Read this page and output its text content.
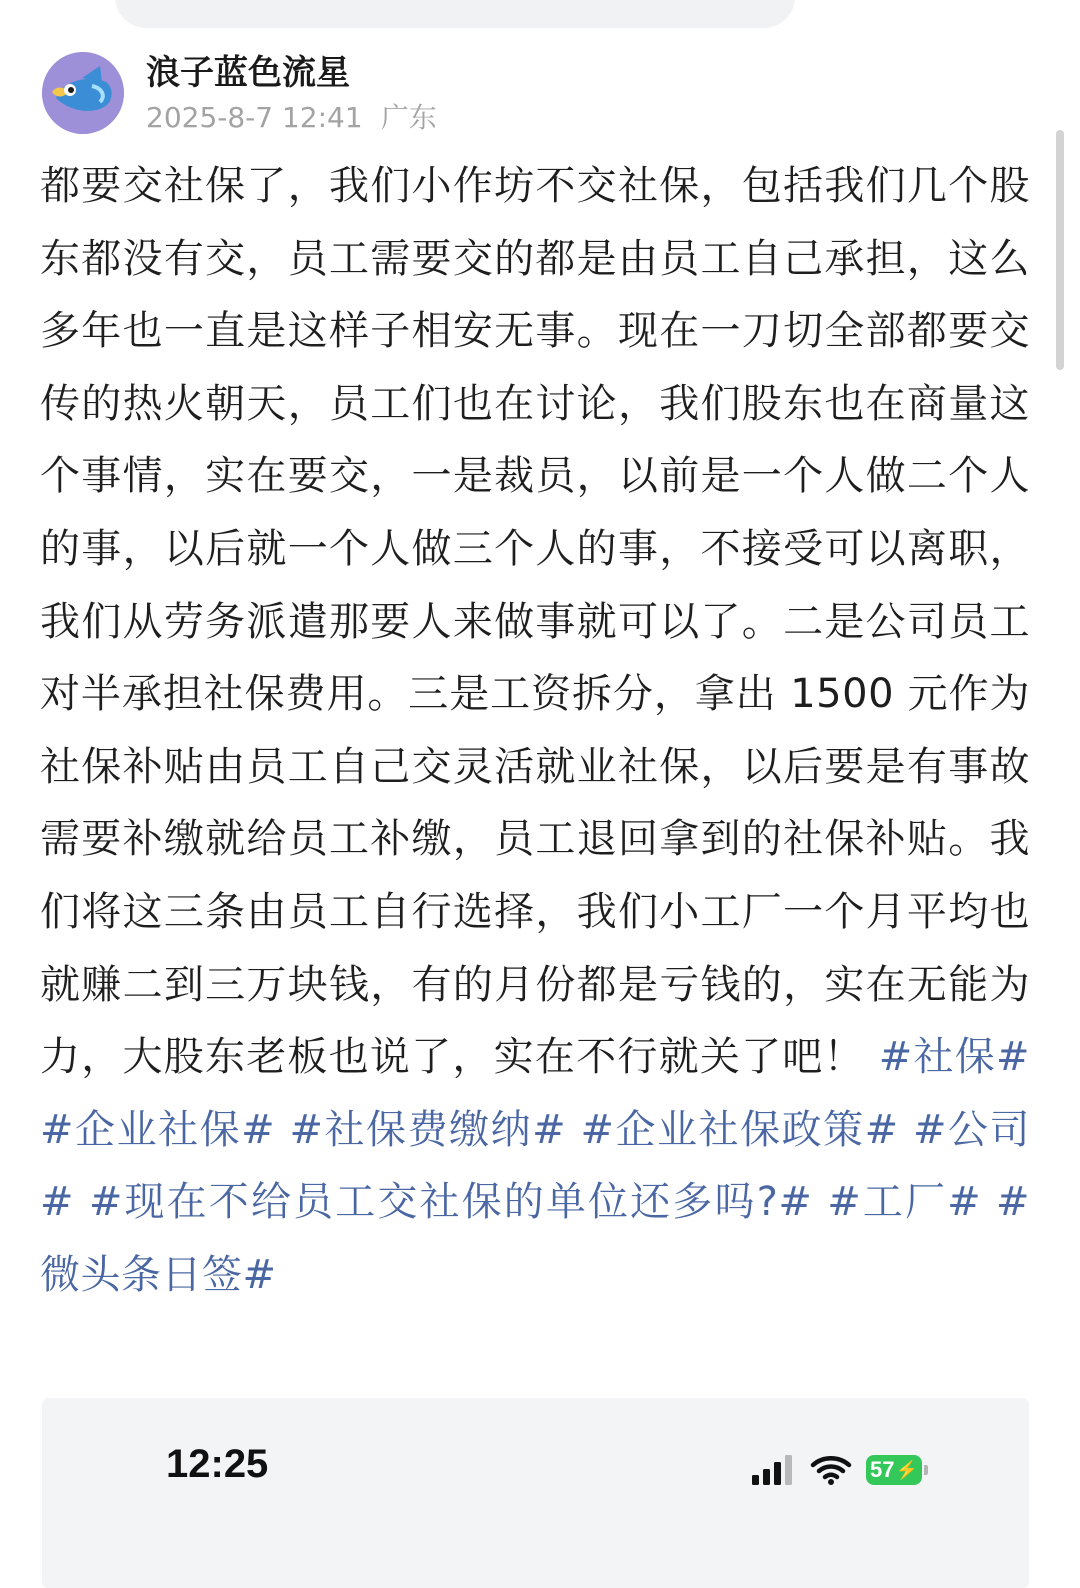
浪子蓝色流星
2025-8-7 12:41 广东
都要交社保了，我们小作坊不交社保，包括我们几个股东都没有交，员工需要交的都是由员工自己承担，这么多年也一直是这样子相安无事。现在一刀切全部都要交传的热火朝天，员工们也在讨论，我们股东也在商量这个事情，实在要交，一是裁员，以前是一个人做二个人的事，以后就一个人做三个人的事，不接受可以离职，我们从劳务派遣那要人来做事就可以了。二是公司员工对半承担社保费用。三是工资拆分，拿出 1500 元作为社保补贴由员工自己交灵活就业社保，以后要是有事故需要补缴就给员工补缴，员工退回拿到的社保补贴。我们将这三条由员工自行选择，我们小工厂一个月平均也就赚二到三万块钱，有的月份都是亏钱的，实在无能为力，大股东老板也说了，实在不行就关了吧！ #社保# #企业社保# #社保费缴纳# #企业社保政策# #公司# #现在不给员工交社保的单位还多吗?# #工厂# #微头条日签#
12:25	57 ⚡
